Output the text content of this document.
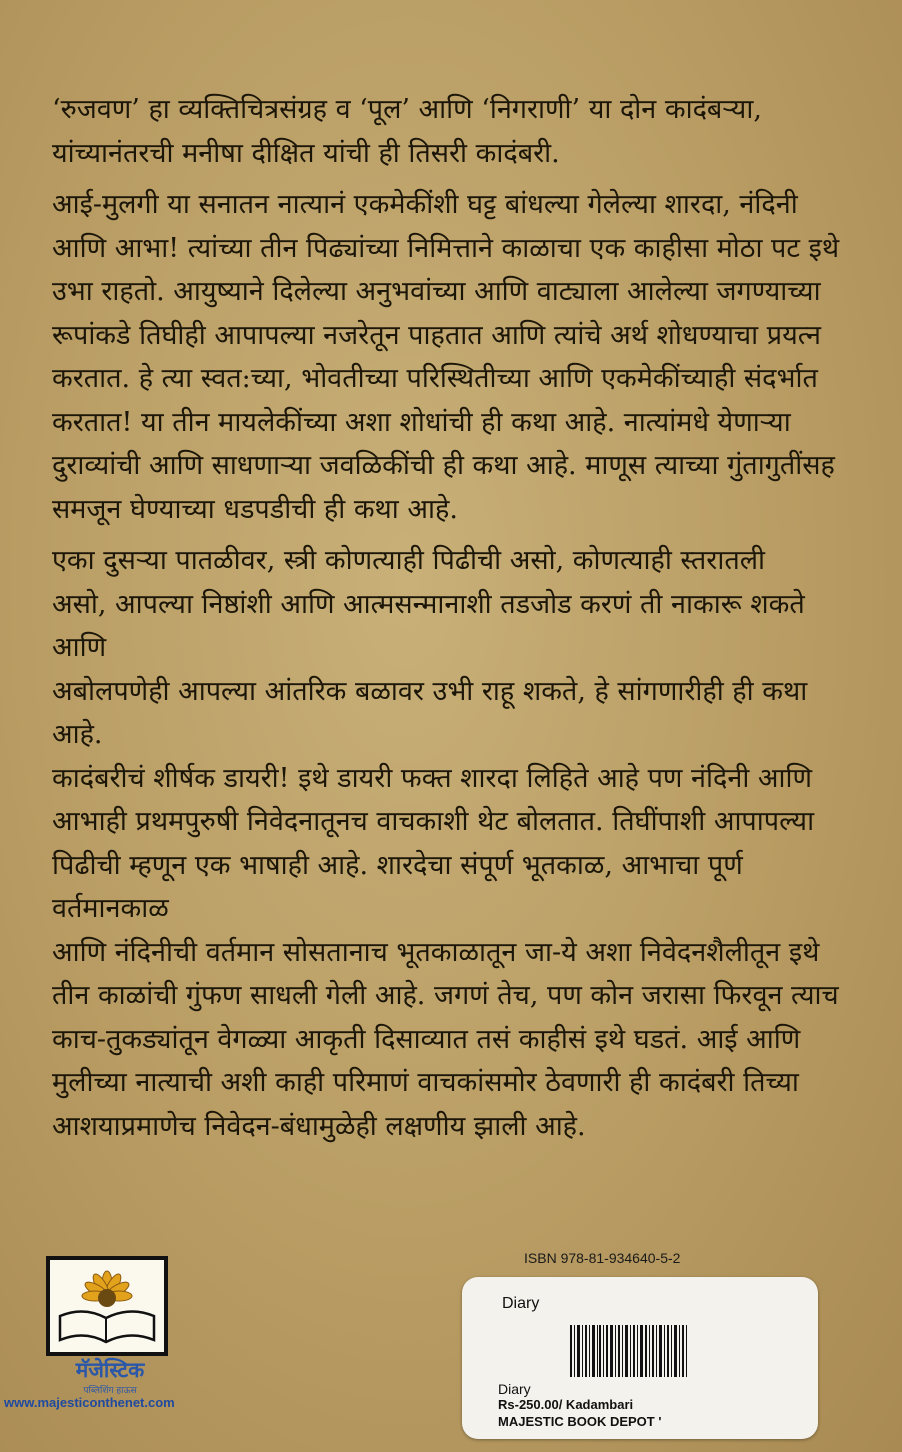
‘रुजवण’ हा व्यक्तिचित्रसंग्रह व ‘पूल’ आणि ‘निगराणी’ या दोन कादंबऱ्या,
यांच्यानंतरची मनीषा दीक्षित यांची ही तिसरी कादंबरी.

आई-मुलगी या सनातन नात्यानं एकमेकींशी घट्ट बांधल्या गेलेल्या शारदा, नंदिनी
आणि आभा! त्यांच्या तीन पिढ्यांच्या निमित्ताने काळाचा एक काहीसा मोठा पट इथे
उभा राहतो. आयुष्याने दिलेल्या अनुभवांच्या आणि वाट्याला आलेल्या जगण्याच्या
रूपांकडे तिघीही आपापल्या नजरेतून पाहतात आणि त्यांचे अर्थ शोधण्याचा प्रयत्न
करतात. हे त्या स्वत:च्या, भोवतीच्या परिस्थितीच्या आणि एकमेकींच्याही संदर्भात
करतात! या तीन मायलेकींच्या अशा शोधांची ही कथा आहे. नात्यांमधे येणाऱ्या
दुराव्यांची आणि साधणाऱ्या जवळिकींची ही कथा आहे. माणूस त्याच्या गुंतागुतींसह
समजून घेण्याच्या धडपडीची ही कथा आहे.

एका दुसऱ्या पातळीवर, स्त्री कोणत्याही पिढीची असो, कोणत्याही स्तरातली
असो, आपल्या निष्ठांशी आणि आत्मसन्मानाशी तडजोड करणं ती नाकारू शकते आणि
अबोलपणेही आपल्या आंतरिक बळावर उभी राहू शकते, हे सांगणारीही ही कथा आहे.
कादंबरीचं शीर्षक डायरी! इथे डायरी फक्त शारदा लिहिते आहे पण नंदिनी आणि
आभाही प्रथमपुरुषी निवेदनातूनच वाचकाशी थेट बोलतात. तिघींपाशी आपापल्या
पिढीची म्हणून एक भाषाही आहे. शारदेचा संपूर्ण भूतकाळ, आभाचा पूर्ण वर्तमानकाळ
आणि नंदिनीची वर्तमान सोसतानाच भूतकाळातून जा-ये अशा निवेदनशैलीतून इथे
तीन काळांची गुंफण साधली गेली आहे. जगणं तेच, पण कोन जरासा फिरवून त्याच
काच-तुकड्यांतून वेगळ्या आकृती दिसाव्यात तसं काहीसं इथे घडतं. आई आणि
मुलीच्या नात्याची अशी काही परिमाणं वाचकांसमोर ठेवणारी ही कादंबरी तिच्या
आशयाप्रमाणेच निवेदन-बंधामुळेही लक्षणीय झाली आहे.

ISBN 978-81-934640-5-2
Diary
Diary
Rs-250.00/ Kadambari
MAJESTIC BOOK DEPOT '
मॅजेस्टिक
पब्लिशिंग हाऊस
www.majesticonthenet.com
